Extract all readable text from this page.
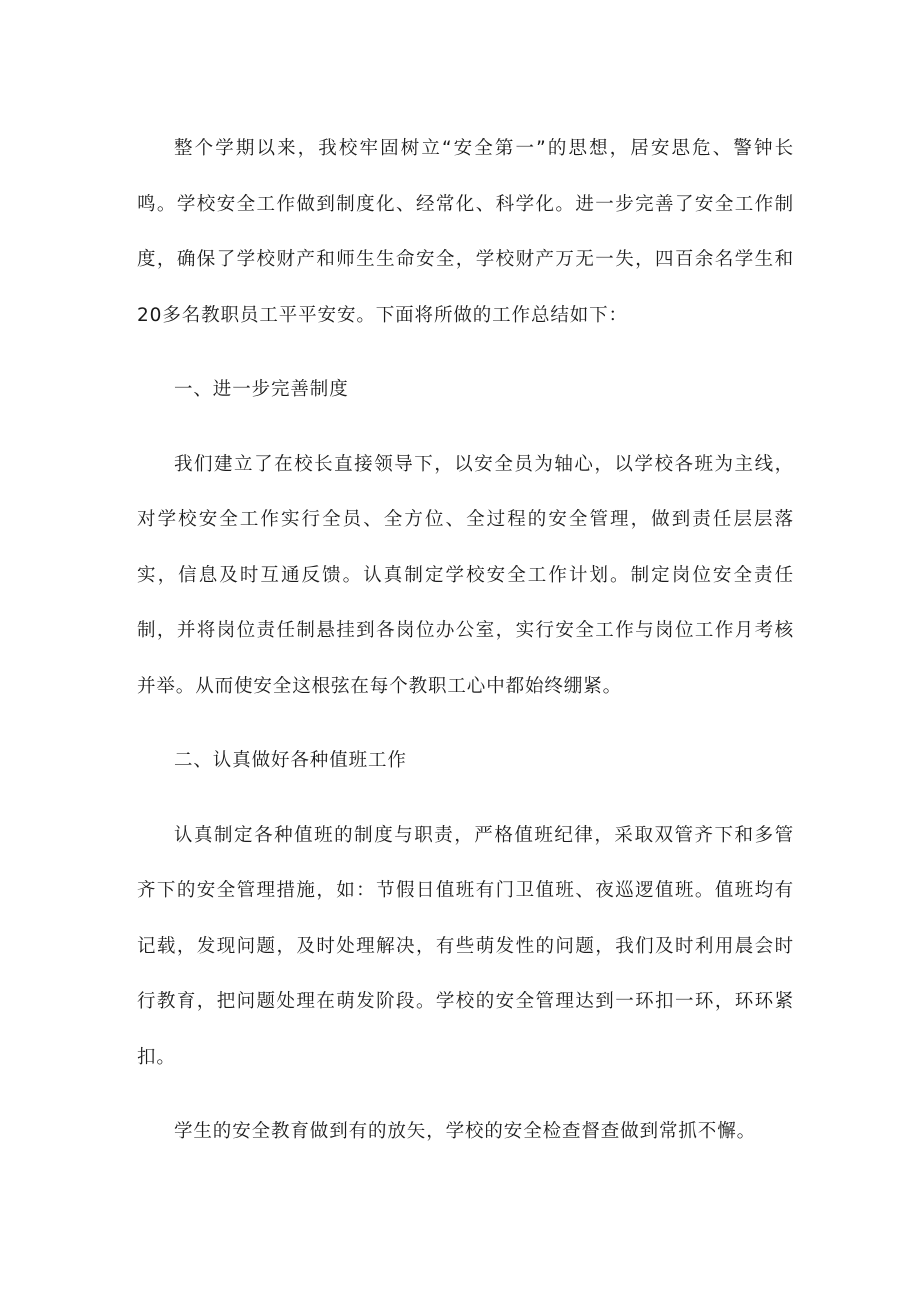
整个学期以来，我校牢固树立“安全第一”的思想，居安思危、警钟长鸣。学校安全工作做到制度化、经常化、科学化。进一步完善了安全工作制度，确保了学校财产和师生生命安全，学校财产万无一失，四百余名学生和20多名教职员工平平安安。下面将所做的工作总结如下：

一、进一步完善制度

我们建立了在校长直接领导下，以安全员为轴心，以学校各班为主线，对学校安全工作实行全员、全方位、全过程的安全管理，做到责任层层落实，信息及时互通反馈。认真制定学校安全工作计划。制定岗位安全责任制，并将岗位责任制悬挂到各岗位办公室，实行安全工作与岗位工作月考核并举。从而使安全这根弦在每个教职工心中都始终绷紧。

二、认真做好各种值班工作

认真制定各种值班的制度与职责，严格值班纪律，采取双管齐下和多管齐下的安全管理措施，如：节假日值班有门卫值班、夜巡逻值班。值班均有记载，发现问题，及时处理解决，有些萌发性的问题，我们及时利用晨会时行教育，把问题处理在萌发阶段。学校的安全管理达到一环扣一环，环环紧扣。

学生的安全教育做到有的放矢，学校的安全检查督查做到常抓不懈。
